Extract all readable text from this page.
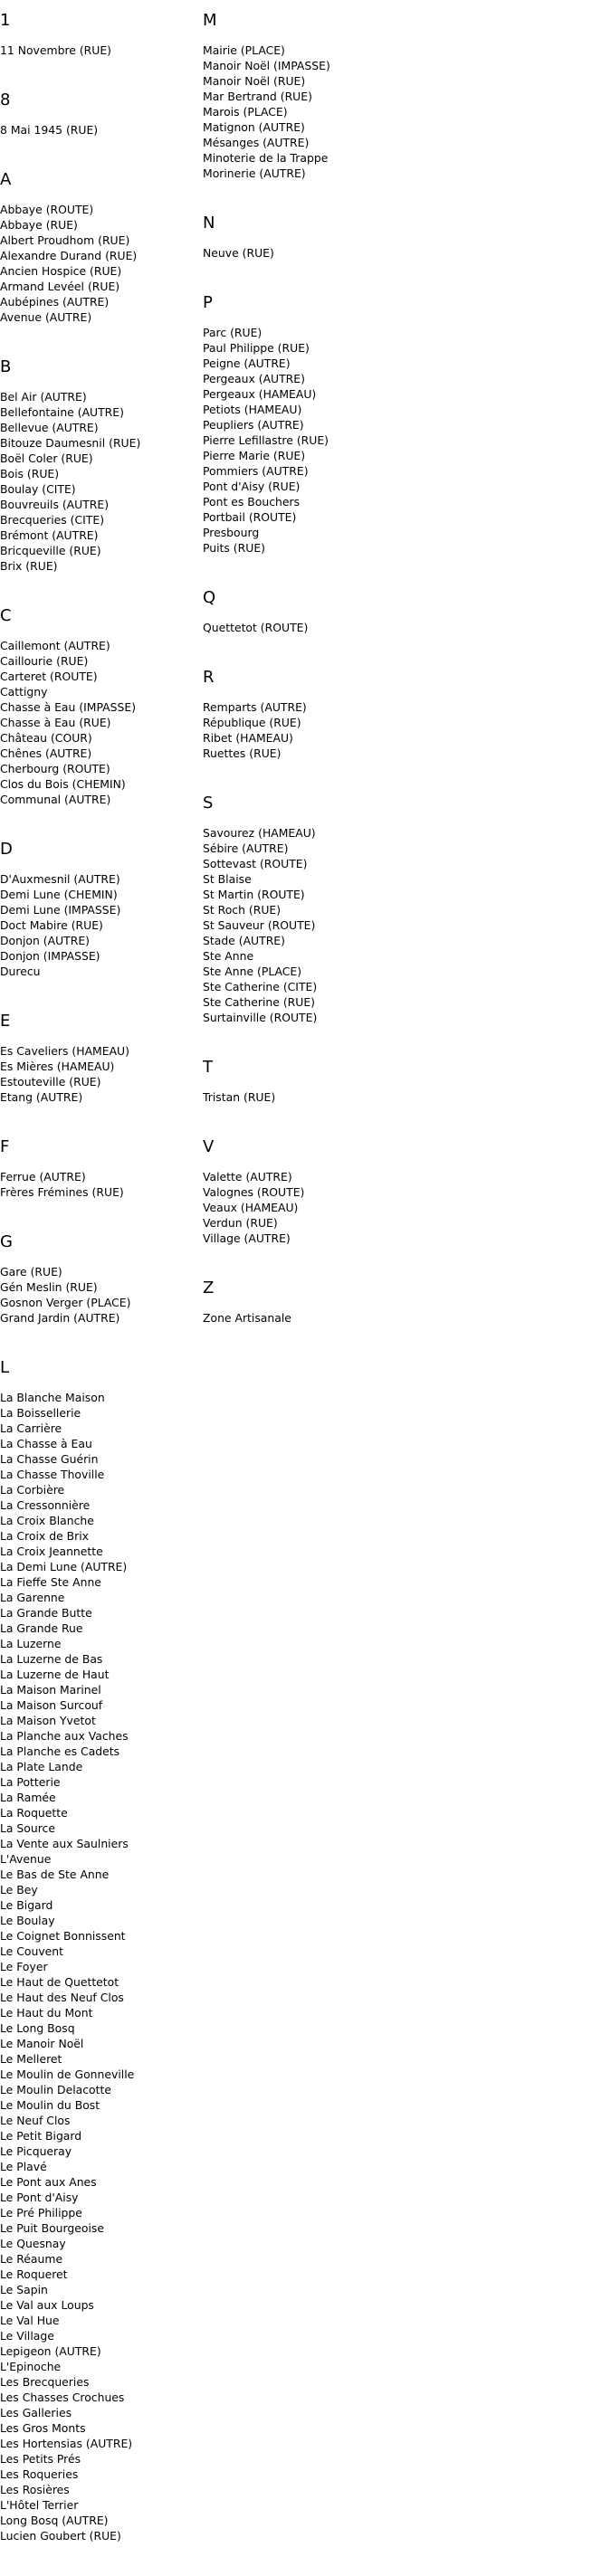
1
11 Novembre (RUE)
8
8 Mai 1945 (RUE)
A
Abbaye (ROUTE)
Abbaye (RUE)
Albert Proudhom (RUE)
Alexandre Durand (RUE)
Ancien Hospice (RUE)
Armand Levéel (RUE)
Aubépines (AUTRE)
Avenue (AUTRE)
B
Bel Air (AUTRE)
Bellefontaine (AUTRE)
Bellevue (AUTRE)
Bitouze Daumesnil (RUE)
Boël Coler (RUE)
Bois (RUE)
Boulay (CITE)
Bouvreuils (AUTRE)
Brecqueries (CITE)
Brémont (AUTRE)
Bricqueville (RUE)
Brix (RUE)
C
Caillemont (AUTRE)
Caillourie (RUE)
Carteret (ROUTE)
Cattigny
Chasse à Eau (IMPASSE)
Chasse à Eau (RUE)
Château (COUR)
Chênes (AUTRE)
Cherbourg (ROUTE)
Clos du Bois (CHEMIN)
Communal (AUTRE)
D
D'Auxmesnil (AUTRE)
Demi Lune (CHEMIN)
Demi Lune (IMPASSE)
Doct Mabire (RUE)
Donjon (AUTRE)
Donjon (IMPASSE)
Durecu
E
Es Caveliers (HAMEAU)
Es Mières (HAMEAU)
Estouteville (RUE)
Etang (AUTRE)
F
Ferrue (AUTRE)
Frères Frémines (RUE)
G
Gare (RUE)
Gén Meslin (RUE)
Gosnon Verger (PLACE)
Grand Jardin (AUTRE)
L
La Blanche Maison
La Boissellerie
La Carrière
La Chasse à Eau
La Chasse Guérin
La Chasse Thoville
La Corbière
La Cressonnière
La Croix Blanche
La Croix de Brix
La Croix Jeannette
La Demi Lune (AUTRE)
La Fieffe Ste Anne
La Garenne
La Grande Butte
La Grande Rue
La Luzerne
La Luzerne de Bas
La Luzerne de Haut
La Maison Marinel
La Maison Surcouf
La Maison Yvetot
La Planche aux Vaches
La Planche es Cadets
La Plate Lande
La Potterie
La Ramée
La Roquette
La Source
La Vente aux Saulniers
L'Avenue
Le Bas de Ste Anne
Le Bey
Le Bigard
Le Boulay
Le Coignet Bonnissent
Le Couvent
Le Foyer
Le Haut de Quettetot
Le Haut des Neuf Clos
Le Haut du Mont
Le Long Bosq
Le Manoir Noël
Le Melleret
Le Moulin de Gonneville
Le Moulin Delacotte
Le Moulin du Bost
Le Neuf Clos
Le Petit Bigard
Le Picqueray
Le Plavé
Le Pont aux Anes
Le Pont d'Aisy
Le Pré Philippe
Le Puit Bourgeoise
Le Quesnay
Le Réaume
Le Roqueret
Le Sapin
Le Val aux Loups
Le Val Hue
Le Village
Lepigeon (AUTRE)
L'Epinoche
Les Brecqueries
Les Chasses Crochues
Les Galleries
Les Gros Monts
Les Hortensias (AUTRE)
Les Petits Prés
Les Roqueries
Les Rosières
L'Hôtel Terrier
Long Bosq (AUTRE)
Lucien Goubert (RUE)
M
Mairie (PLACE)
Manoir Noël (IMPASSE)
Manoir Noël (RUE)
Mar Bertrand (RUE)
Marois (PLACE)
Matignon (AUTRE)
Mésanges (AUTRE)
Minoterie de la Trappe
Morinerie (AUTRE)
N
Neuve (RUE)
P
Parc (RUE)
Paul Philippe (RUE)
Peigne (AUTRE)
Pergeaux (AUTRE)
Pergeaux (HAMEAU)
Petiots (HAMEAU)
Peupliers (AUTRE)
Pierre Lefillastre (RUE)
Pierre Marie (RUE)
Pommiers (AUTRE)
Pont d'Aisy (RUE)
Pont es Bouchers
Portbail (ROUTE)
Presbourg
Puits (RUE)
Q
Quettetot (ROUTE)
R
Remparts (AUTRE)
République (RUE)
Ribet (HAMEAU)
Ruettes (RUE)
S
Savourez (HAMEAU)
Sébire (AUTRE)
Sottevast (ROUTE)
St Blaise
St Martin (ROUTE)
St Roch (RUE)
St Sauveur (ROUTE)
Stade (AUTRE)
Ste Anne
Ste Anne (PLACE)
Ste Catherine (CITE)
Ste Catherine (RUE)
Surtainville (ROUTE)
T
Tristan (RUE)
V
Valette (AUTRE)
Valognes (ROUTE)
Veaux (HAMEAU)
Verdun (RUE)
Village (AUTRE)
Z
Zone Artisanale
